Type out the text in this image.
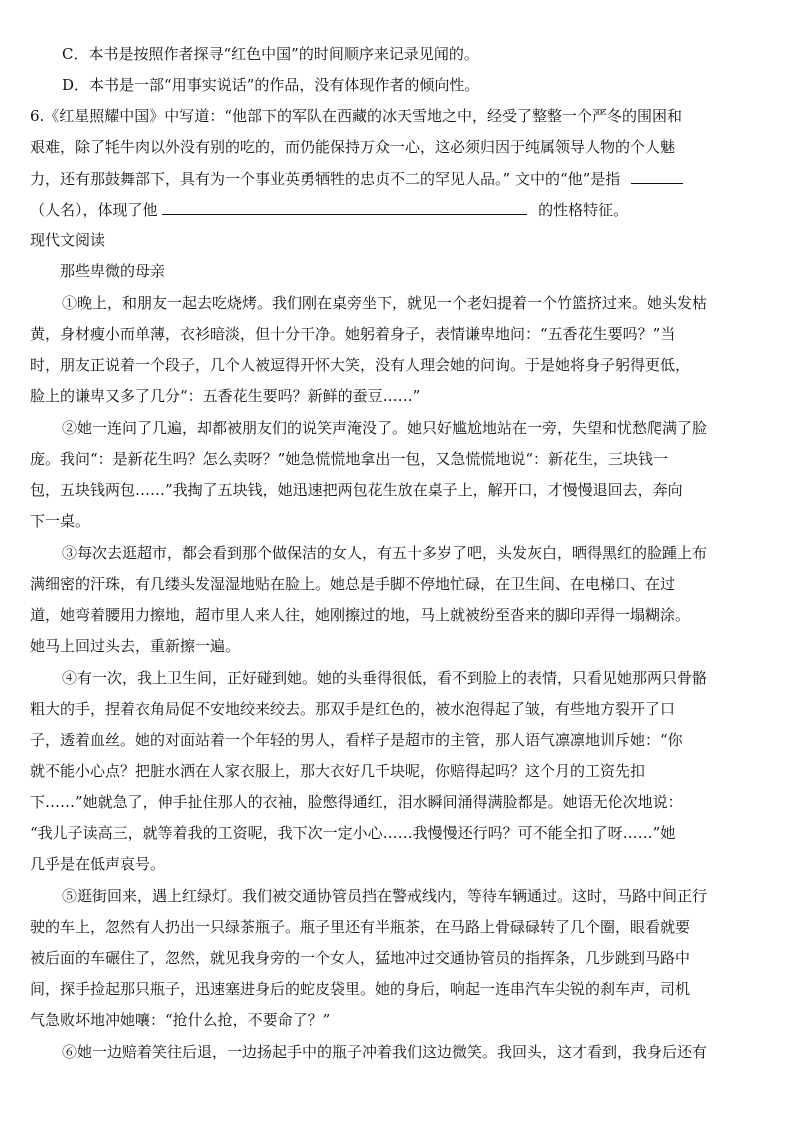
C．本书是按照作者探寻“红色中国”的时间顺序来记录见闻的。
D．本书是一部“用事实说话”的作品，没有体现作者的倾向性。
6.《红星照耀中国》中写道：“他部下的军队在西藏的冰天雪地之中，经受了整整一个严冬的围困和
艰难，除了牦牛肉以外没有别的吃的，而仍能保持万众一心，这必须归因于纯属领导人物的个人魅
力，还有那鼓舞部下，具有为一个事业英勇牺牲的忠贞不二的罕见人品。” 文中的“他”是指
（人名），体现了他	的性格特征。
现代文阅读
那些卑微的母亲
①晚上，和朋友一起去吃烧烤。我们刚在桌旁坐下，就见一个老妇提着一个竹篮挤过来。她头发枯
黄，身材瘦小而单薄，衣衫暗淡，但十分干净。她躬着身子，表情谦卑地问：“五香花生要吗？”当
时，朋友正说着一个段子，几个人被逗得开怀大笑，没有人理会她的问询。于是她将身子躬得更低，
脸上的谦卑又多了几分“：五香花生要吗？新鲜的蚕豆……”
②她一连问了几遍，却都被朋友们的说笑声淹没了。她只好尴尬地站在一旁，失望和忧愁爬满了脸
庞。我问“：是新花生吗？怎么卖呀？”她急慌慌地拿出一包，又急慌慌地说“：新花生，三块钱一
包，五块钱两包……”我掏了五块钱，她迅速把两包花生放在桌子上，解开口，才慢慢退回去，奔向
下一桌。
③每次去逛超市，都会看到那个做保洁的女人，有五十多岁了吧，头发灰白，晒得黑红的脸踵上布
满细密的汗珠，有几缕头发湿湿地贴在脸上。她总是手脚不停地忙碌，在卫生间、在电梯口、在过
道，她弯着腰用力擦地，超市里人来人往，她刚擦过的地，马上就被纷至沓来的脚印弄得一塌糊涂。
她马上回过头去，重新擦一遍。
④有一次，我上卫生间，正好碰到她。她的头垂得很低，看不到脸上的表情，只看见她那两只骨骼
粗大的手，捏着衣角局促不安地绞来绞去。那双手是红色的，被水泡得起了皱，有些地方裂开了口
子，透着血丝。她的对面站着一个年轻的男人，看样子是超市的主管，那人语气凛凛地训斥她：“你
就不能小心点？把脏水洒在人家衣服上，那大衣好几千块呢，你赔得起吗？这个月的工资先扣
下……”她就急了，伸手扯住那人的衣袖，脸憋得通红，泪水瞬间涌得满脸都是。她语无伦次地说：
“我儿子读高三，就等着我的工资呢，我下次一定小心……我慢慢还行吗？可不能全扣了呀……”她
几乎是在低声哀号。
⑤逛街回来，遇上红绿灯。我们被交通协管员挡在警戒线内，等待车辆通过。这时，马路中间正行
驶的车上，忽然有人扔出一只绿茶瓶子。瓶子里还有半瓶茶，在马路上骨碌碌转了几个圈，眼看就要
被后面的车碾住了，忽然，就见我身旁的一个女人，猛地冲过交通协管员的指挥条，几步跳到马路中
间，探手捡起那只瓶子，迅速塞进身后的蛇皮袋里。她的身后，响起一连串汽车尖锐的刹车声，司机
气急败坏地冲她嚷：“抢什么抢，不要命了？”
⑥她一边赔着笑往后退，一边扬起手中的瓶子冲着我们这边微笑。我回头，这才看到，我身后还有
